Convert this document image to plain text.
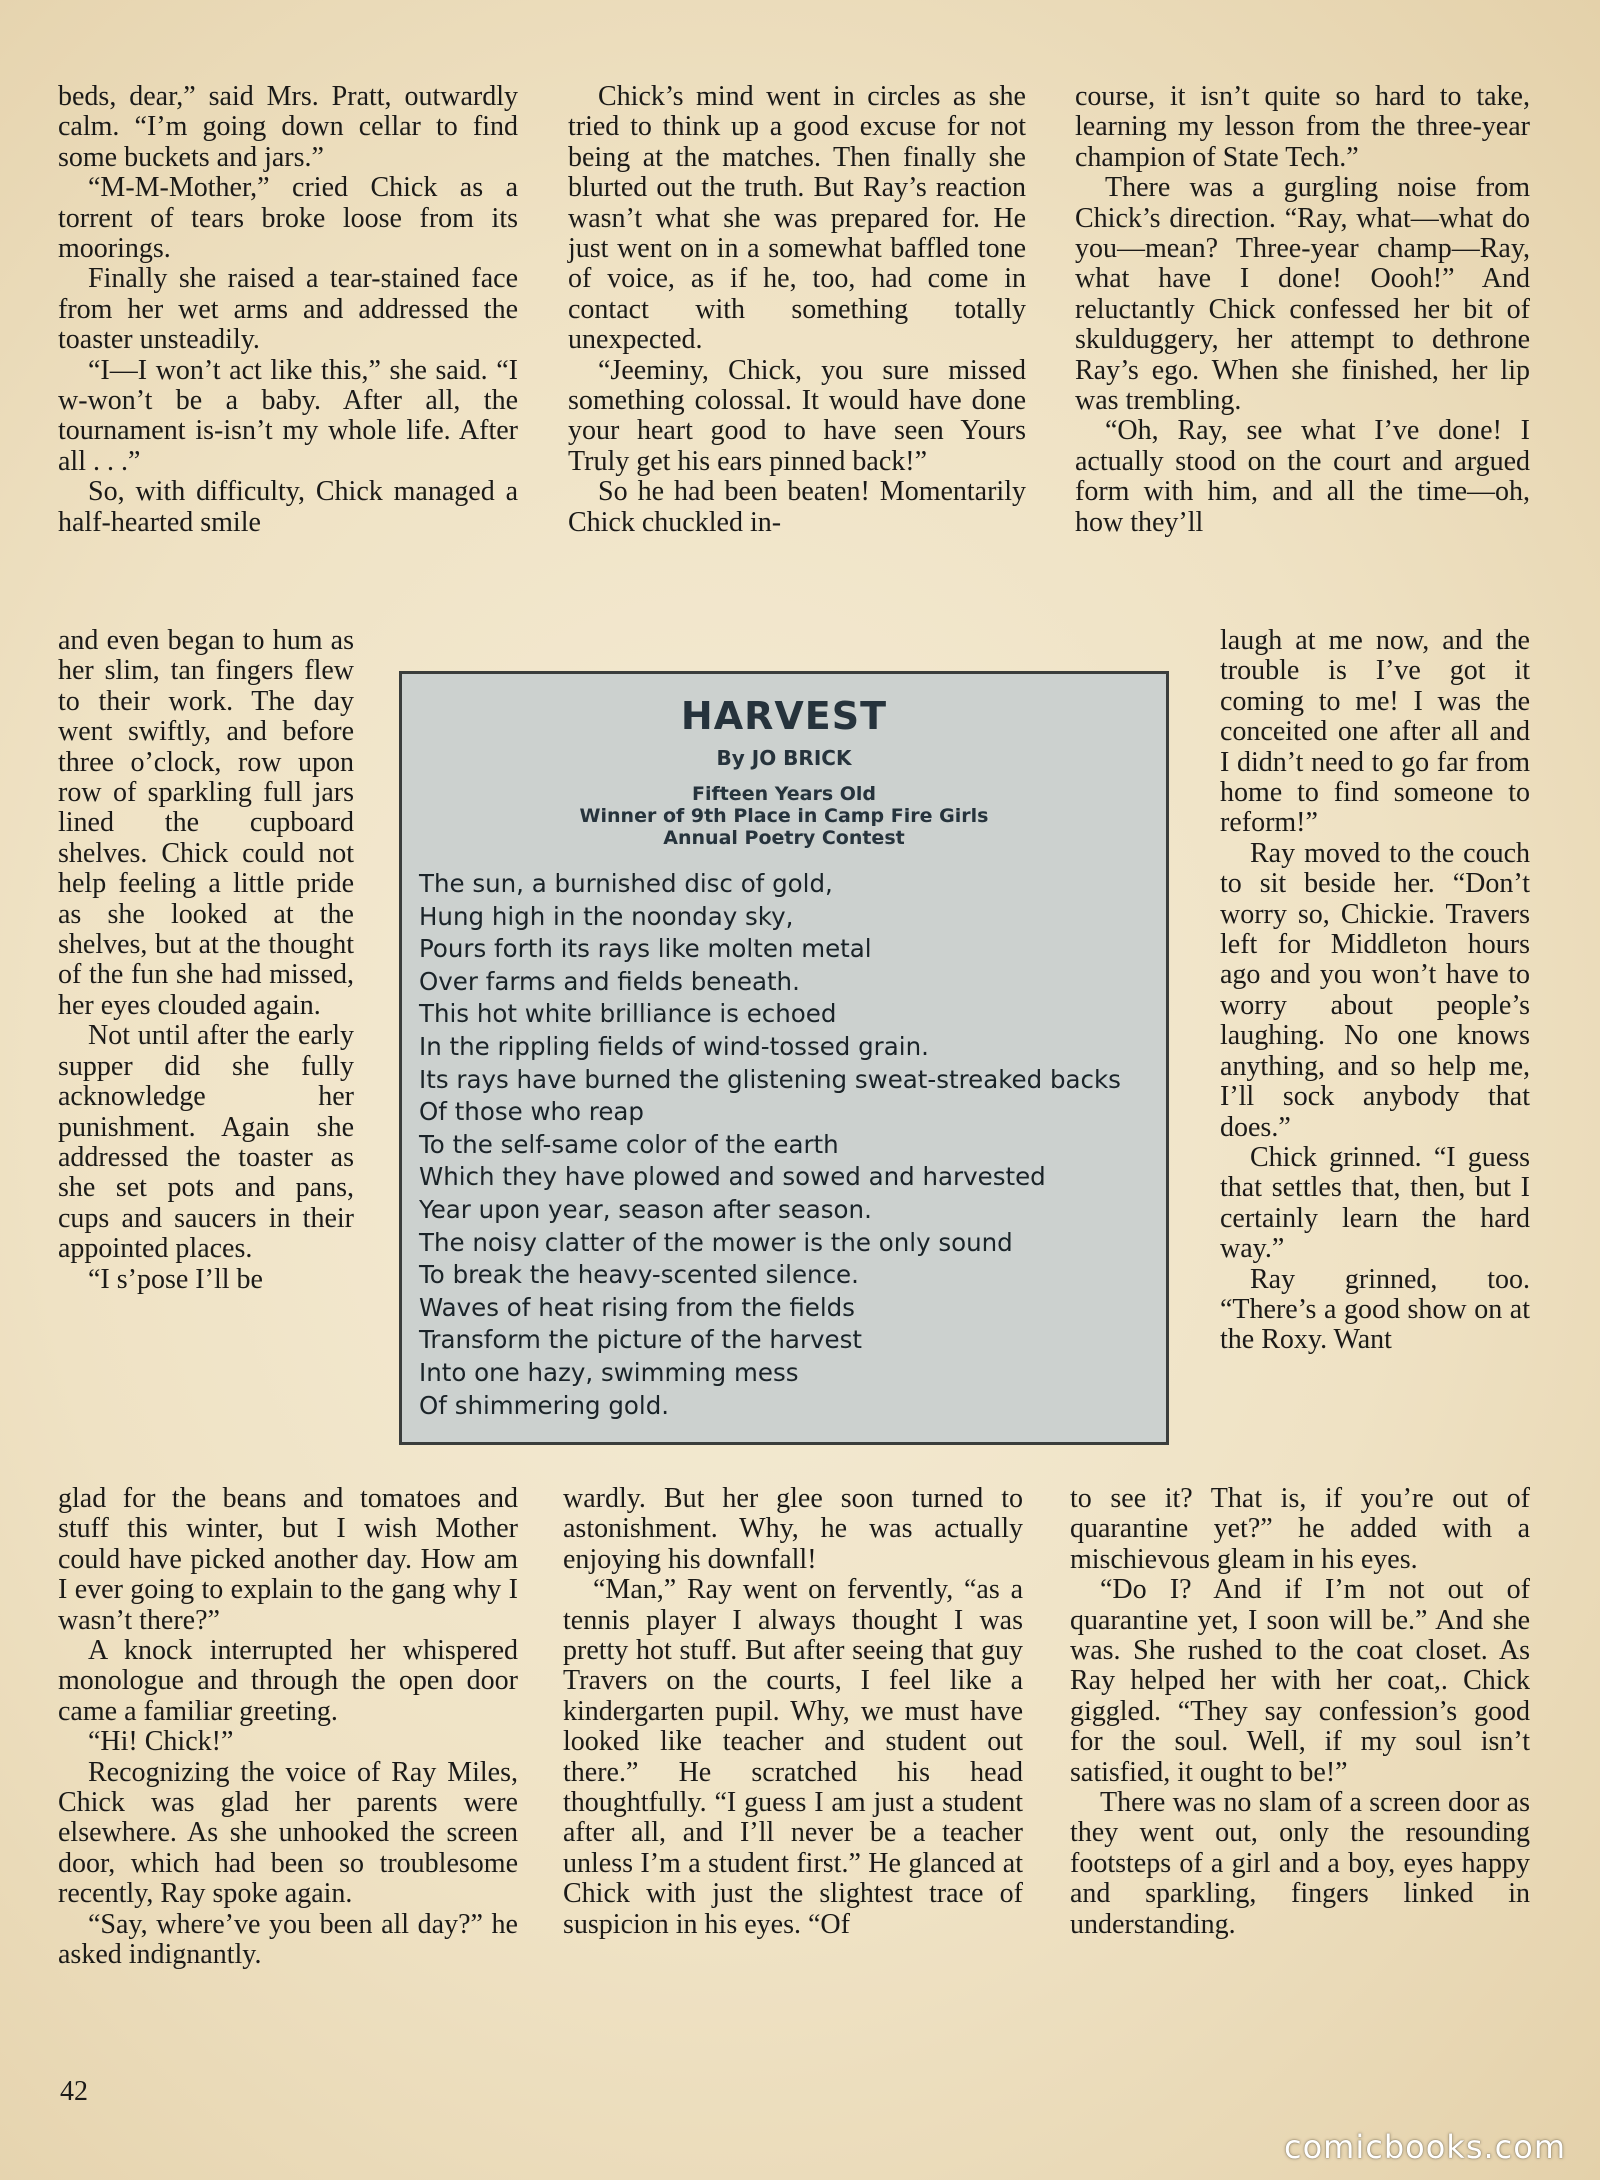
beds, dear,” said Mrs. Pratt, outwardly calm. “I’m going down cellar to find some buckets and jars.”

“M-M-Mother,” cried Chick as a torrent of tears broke loose from its moorings.

Finally she raised a tear-stained face from her wet arms and addressed the toaster unsteadily.

“I—I won’t act like this,” she said. “I w-won’t be a baby. After all, the tournament is-isn’t my whole life. After all . . .”

So, with difficulty, Chick managed a half-hearted smile

and even began to hum as her slim, tan fingers flew to their work. The day went swiftly, and before three o’clock, row upon row of sparkling full jars lined the cupboard shelves. Chick could not help feeling a little pride as she looked at the shelves, but at the thought of the fun she had missed, her eyes clouded again.

Not until after the early supper did she fully acknowledge her punishment. Again she addressed the toaster as she set pots and pans, cups and saucers in their appointed places.

“I s’pose I’ll be

glad for the beans and tomatoes and stuff this winter, but I wish Mother could have picked another day. How am I ever going to explain to the gang why I wasn’t there?”

A knock interrupted her whispered monologue and through the open door came a familiar greeting.

“Hi! Chick!”

Recognizing the voice of Ray Miles, Chick was glad her parents were elsewhere. As she unhooked the screen door, which had been so troublesome recently, Ray spoke again.

“Say, where’ve you been all day?” he asked indignantly.

Chick’s mind went in circles as she tried to think up a good excuse for not being at the matches. Then finally she blurted out the truth. But Ray’s reaction wasn’t what she was prepared for. He just went on in a somewhat baffled tone of voice, as if he, too, had come in contact with something totally unexpected.

“Jeeminy, Chick, you sure missed something colossal. It would have done your heart good to have seen Yours Truly get his ears pinned back!”

So he had been beaten! Momentarily Chick chuckled in-

wardly. But her glee soon turned to astonishment. Why, he was actually enjoying his downfall!

“Man,” Ray went on fervently, “as a tennis player I always thought I was pretty hot stuff. But after seeing that guy Travers on the courts, I feel like a kindergarten pupil. Why, we must have looked like teacher and student out there.” He scratched his head thoughtfully. “I guess I am just a student after all, and I’ll never be a teacher unless I’m a student first.” He glanced at Chick with just the slightest trace of suspicion in his eyes. “Of

course, it isn’t quite so hard to take, learning my lesson from the three-year champion of State Tech.”

There was a gurgling noise from Chick’s direction. “Ray, what—what do you—mean? Three-year champ—Ray, what have I done! Oooh!” And reluctantly Chick confessed her bit of skulduggery, her attempt to dethrone Ray’s ego. When she finished, her lip was trembling.

“Oh, Ray, see what I’ve done! I actually stood on the court and argued form with him, and all the time—oh, how they’ll

laugh at me now, and the trouble is I’ve got it coming to me! I was the conceited one after all and I didn’t need to go far from home to find someone to reform!”

Ray moved to the couch to sit beside her. “Don’t worry so, Chickie. Travers left for Middleton hours ago and you won’t have to worry about people’s laughing. No one knows anything, and so help me, I’ll sock anybody that does.”

Chick grinned. “I guess that settles that, then, but I certainly learn the hard way.”

Ray grinned, too. “There’s a good show on at the Roxy. Want

to see it? That is, if you’re out of quarantine yet?” he added with a mischievous gleam in his eyes.

“Do I? And if I’m not out of quarantine yet, I soon will be.” And she was. She rushed to the coat closet. As Ray helped her with her coat,. Chick giggled. “They say confession’s good for the soul. Well, if my soul isn’t satisfied, it ought to be!”

There was no slam of a screen door as they went out, only the resounding footsteps of a girl and a boy, eyes happy and sparkling, fingers linked in understanding.

HARVEST
By JO BRICK
Fifteen Years Old
Winner of 9th Place in Camp Fire Girls
Annual Poetry Contest
The sun, a burnished disc of gold,
Hung high in the noonday sky,
Pours forth its rays like molten metal
Over farms and fields beneath.
This hot white brilliance is echoed
In the rippling fields of wind-tossed grain.
Its rays have burned the glistening sweat-streaked backs
Of those who reap
To the self-same color of the earth
Which they have plowed and sowed and harvested
Year upon year, season after season.
The noisy clatter of the mower is the only sound
To break the heavy-scented silence.
Waves of heat rising from the fields
Transform the picture of the harvest
Into one hazy, swimming mess
Of shimmering gold.
42
comicbooks.com
